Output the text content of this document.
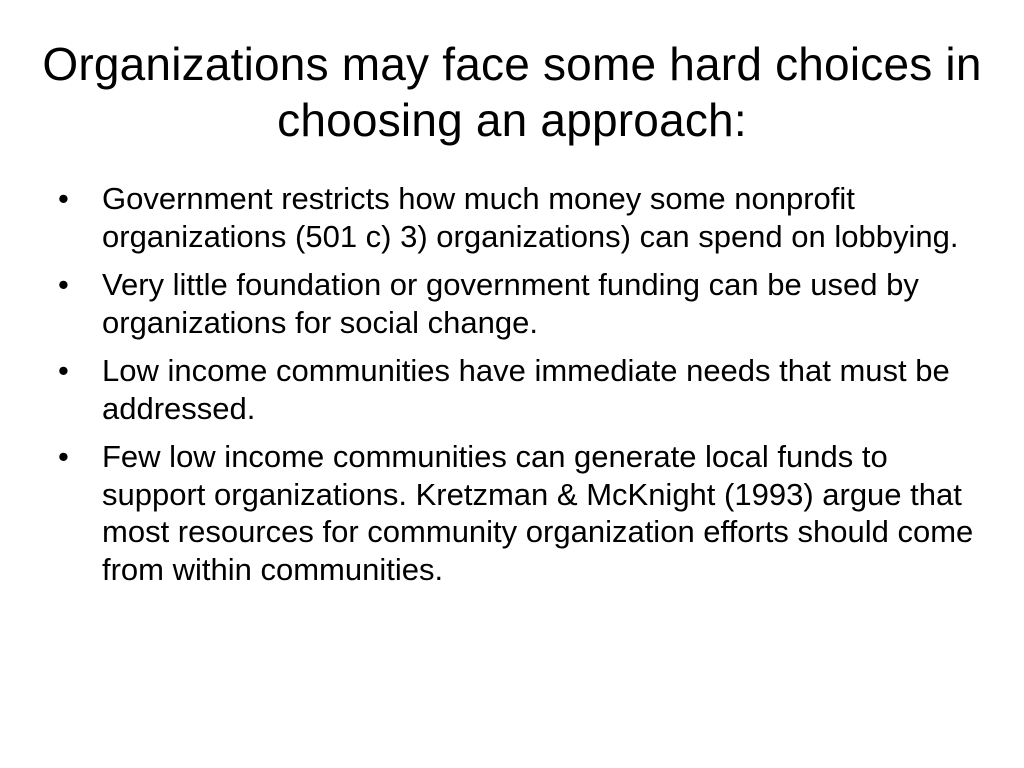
Organizations may face some hard choices in choosing an approach:
• Government restricts how much money some nonprofit organizations (501 c) 3) organizations) can spend on lobbying.
• Very little foundation or government funding can be used by organizations for social change.
• Low income communities have immediate needs that must be addressed.
• Few low income communities can generate local funds to support organizations. Kretzman & McKnight (1993) argue that most resources for community organization efforts should come from within communities.
